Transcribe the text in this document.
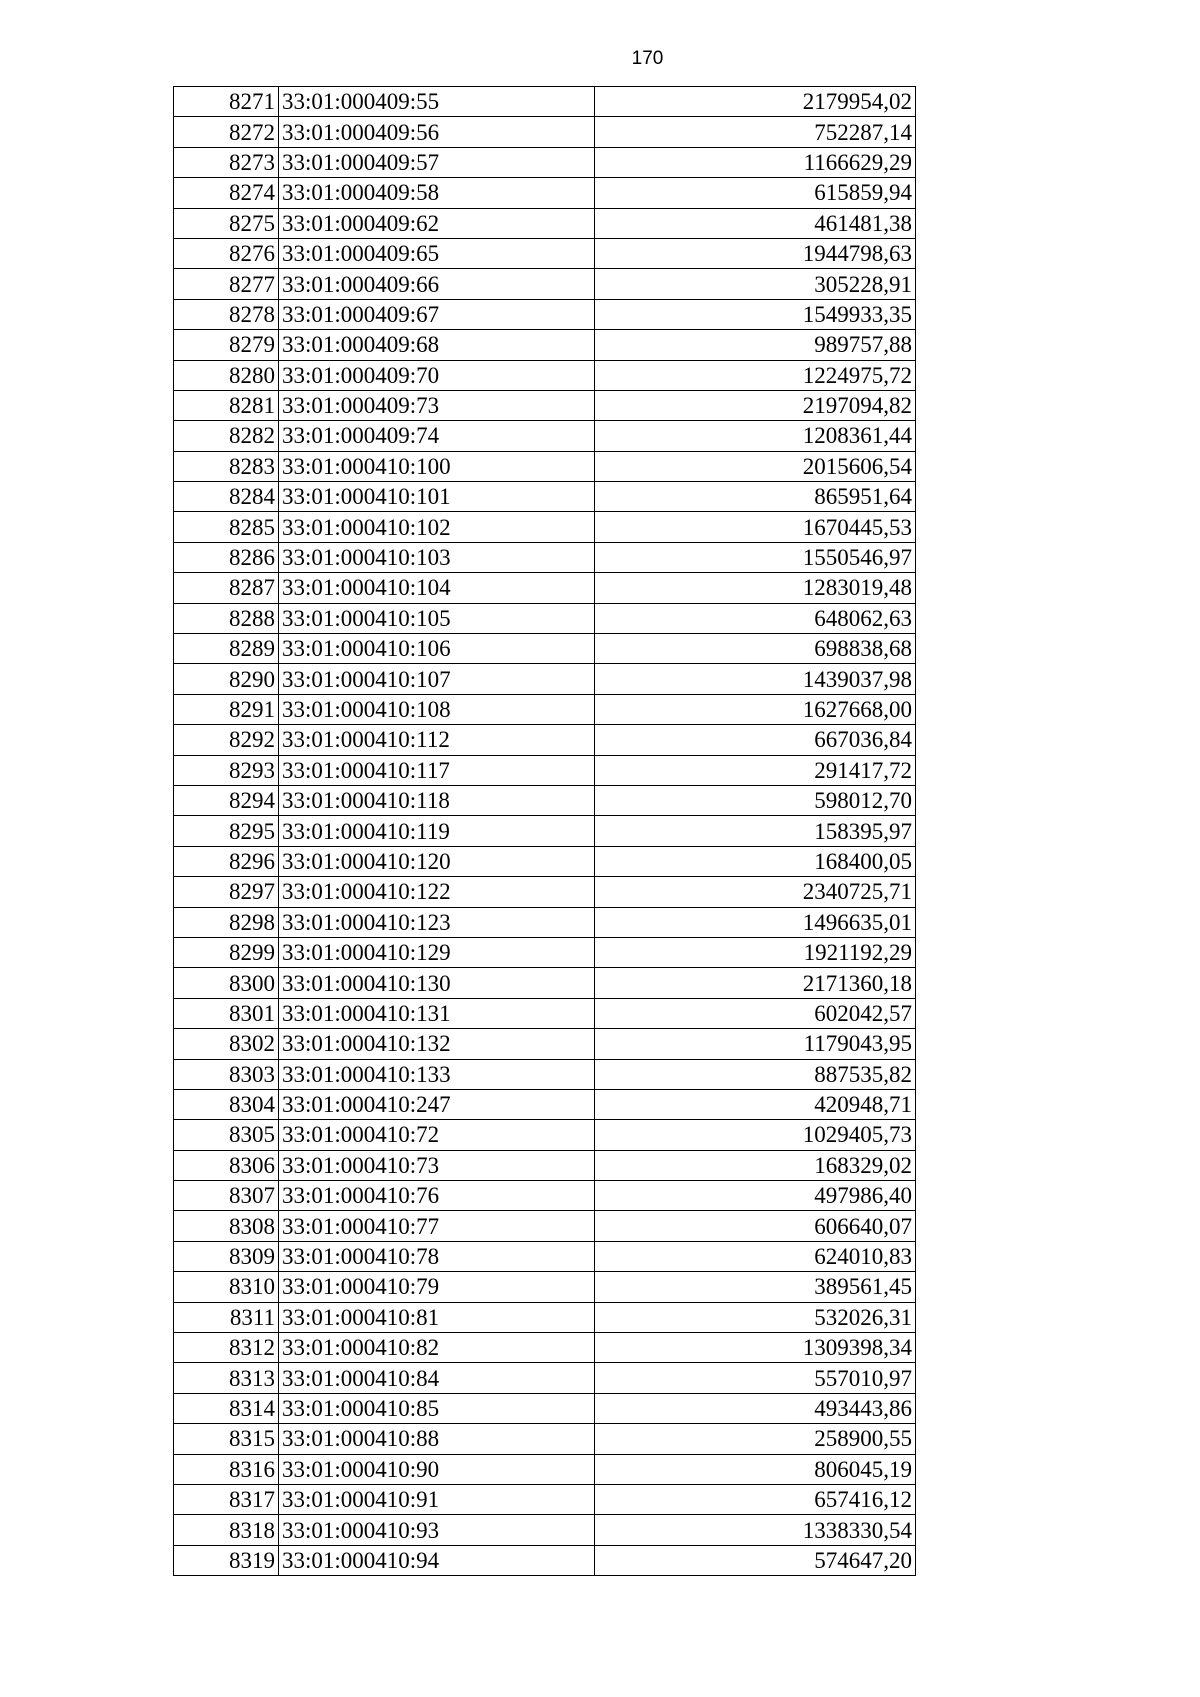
170
8271	33:01:000409:55	2179954,02
8272	33:01:000409:56	752287,14
8273	33:01:000409:57	1166629,29
8274	33:01:000409:58	615859,94
8275	33:01:000409:62	461481,38
8276	33:01:000409:65	1944798,63
8277	33:01:000409:66	305228,91
8278	33:01:000409:67	1549933,35
8279	33:01:000409:68	989757,88
8280	33:01:000409:70	1224975,72
8281	33:01:000409:73	2197094,82
8282	33:01:000409:74	1208361,44
8283	33:01:000410:100	2015606,54
8284	33:01:000410:101	865951,64
8285	33:01:000410:102	1670445,53
8286	33:01:000410:103	1550546,97
8287	33:01:000410:104	1283019,48
8288	33:01:000410:105	648062,63
8289	33:01:000410:106	698838,68
8290	33:01:000410:107	1439037,98
8291	33:01:000410:108	1627668,00
8292	33:01:000410:112	667036,84
8293	33:01:000410:117	291417,72
8294	33:01:000410:118	598012,70
8295	33:01:000410:119	158395,97
8296	33:01:000410:120	168400,05
8297	33:01:000410:122	2340725,71
8298	33:01:000410:123	1496635,01
8299	33:01:000410:129	1921192,29
8300	33:01:000410:130	2171360,18
8301	33:01:000410:131	602042,57
8302	33:01:000410:132	1179043,95
8303	33:01:000410:133	887535,82
8304	33:01:000410:247	420948,71
8305	33:01:000410:72	1029405,73
8306	33:01:000410:73	168329,02
8307	33:01:000410:76	497986,40
8308	33:01:000410:77	606640,07
8309	33:01:000410:78	624010,83
8310	33:01:000410:79	389561,45
8311	33:01:000410:81	532026,31
8312	33:01:000410:82	1309398,34
8313	33:01:000410:84	557010,97
8314	33:01:000410:85	493443,86
8315	33:01:000410:88	258900,55
8316	33:01:000410:90	806045,19
8317	33:01:000410:91	657416,12
8318	33:01:000410:93	1338330,54
8319	33:01:000410:94	574647,20
